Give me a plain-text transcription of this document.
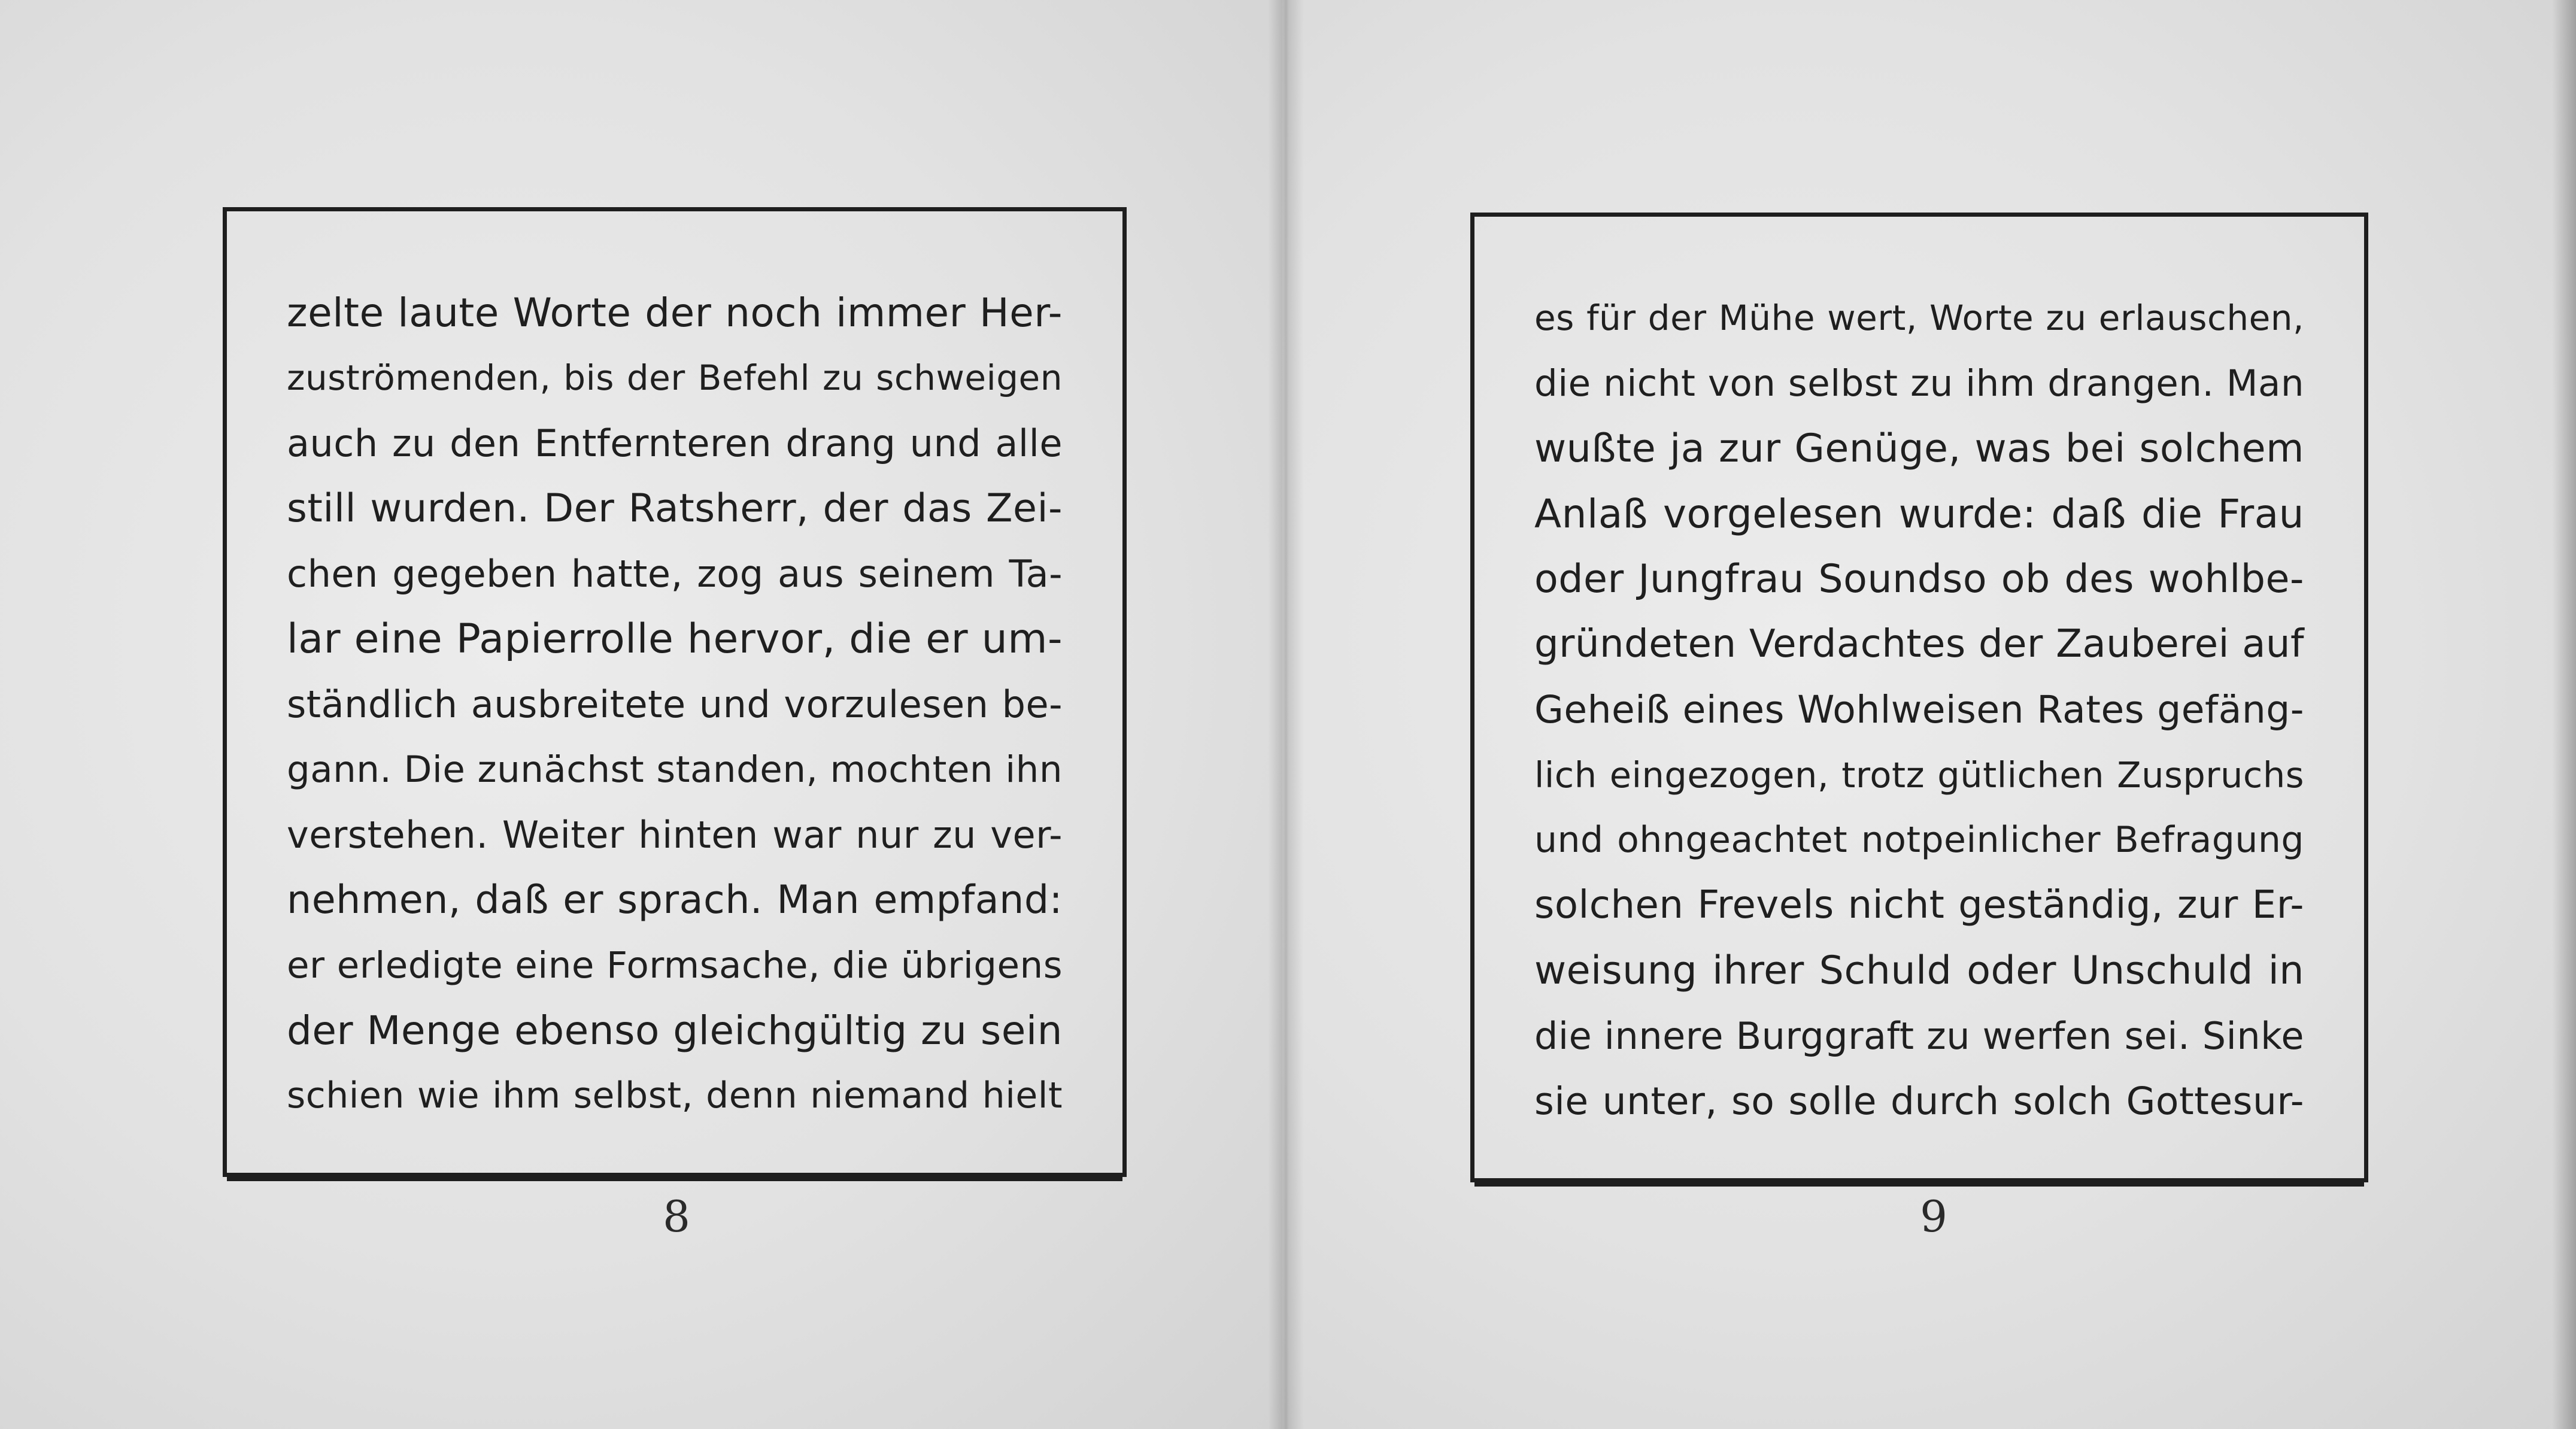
zelte laute Worte der noch immer Her-
zuströmenden, bis der Befehl zu schweigen
auch zu den Entfernteren drang und alle
still wurden. Der Ratsherr, der das Zei-
chen gegeben hatte, zog aus seinem Ta-
lar eine Papierrolle hervor, die er um-
ständlich ausbreitete und vorzulesen be-
gann. Die zunächst standen, mochten ihn
verstehen. Weiter hinten war nur zu ver-
nehmen, daß er sprach. Man empfand:
er erledigte eine Formsache, die übrigens
der Menge ebenso gleichgültig zu sein
schien wie ihm selbst, denn niemand hielt
8
es für der Mühe wert, Worte zu erlauschen,
die nicht von selbst zu ihm drangen. Man
wußte ja zur Genüge, was bei solchem
Anlaß vorgelesen wurde: daß die Frau
oder Jungfrau Soundso ob des wohlbe-
gründeten Verdachtes der Zauberei auf
Geheiß eines Wohlweisen Rates gefäng-
lich eingezogen, trotz gütlichen Zuspruchs
und ohngeachtet notpeinlicher Befragung
solchen Frevels nicht geständig, zur Er-
weisung ihrer Schuld oder Unschuld in
die innere Burggraft zu werfen sei. Sinke
sie unter, so solle durch solch Gottesur-
9
